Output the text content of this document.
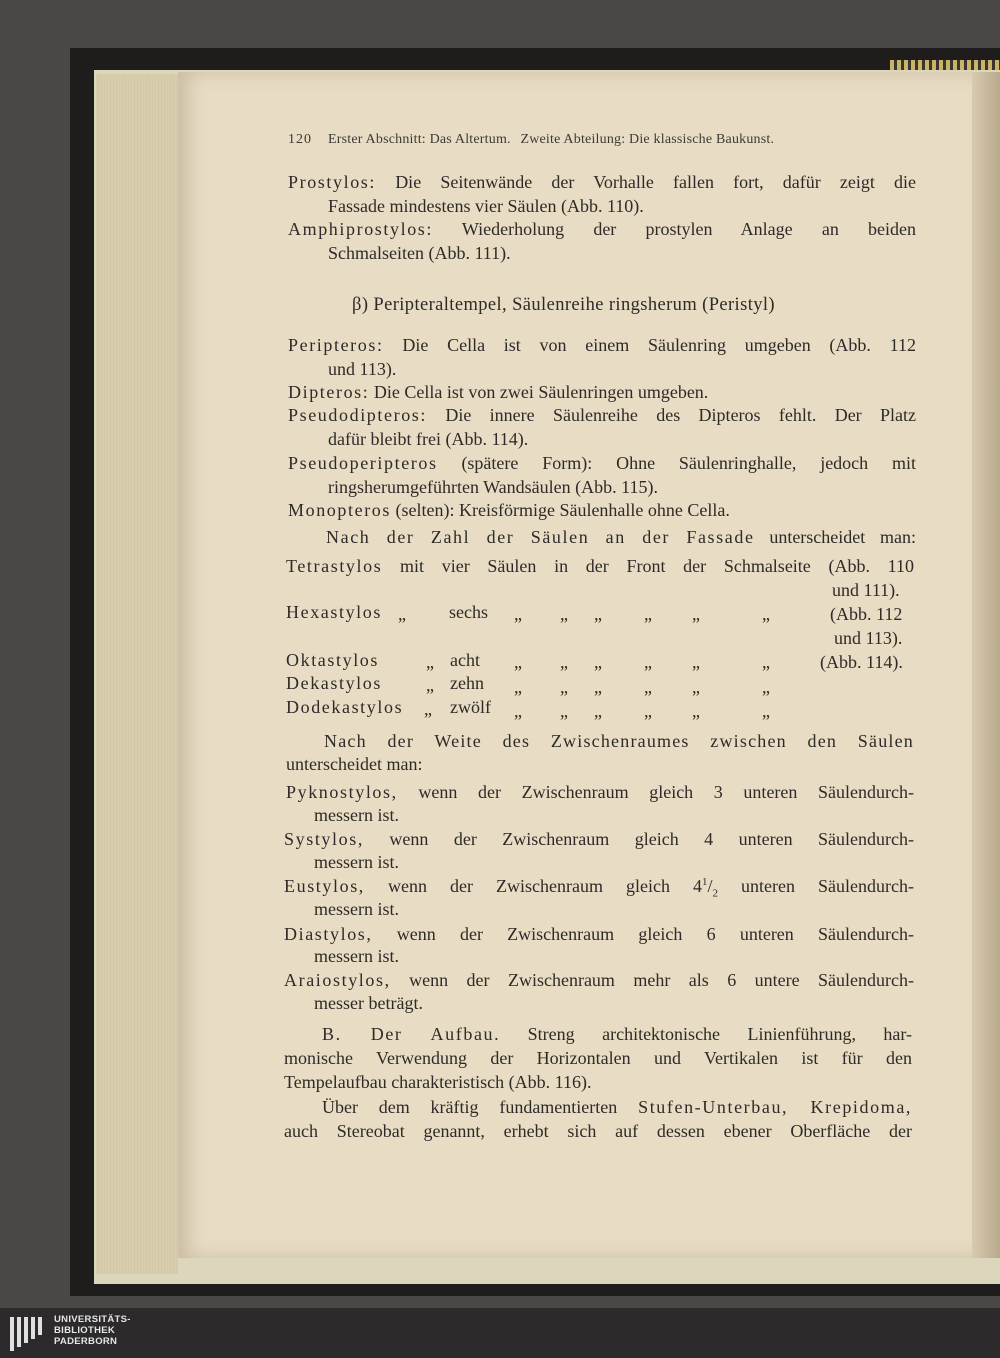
120 Erster Abschnitt: Das Altertum. Zweite Abteilung: Die klassische Baukunst.
Prostylos: Die Seitenwände der Vorhalle fallen fort, dafür zeigt die
Fassade mindestens vier Säulen (Abb. 110).
Amphiprostylos: Wiederholung der prostylen Anlage an beiden
Schmalseiten (Abb. 111).
β) Peripteraltempel, Säulenreihe ringsherum (Peristyl)
Peripteros: Die Cella ist von einem Säulenring umgeben (Abb. 112
und 113).
Dipteros: Die Cella ist von zwei Säulenringen umgeben.
Pseudodipteros: Die innere Säulenreihe des Dipteros fehlt. Der Platz
dafür bleibt frei (Abb. 114).
Pseudoperipteros (spätere Form): Ohne Säulenringhalle, jedoch mit
ringsherumgeführten Wandsäulen (Abb. 115).
Monopteros (selten): Kreisförmige Säulenhalle ohne Cella.
Nach der Zahl der Säulen an der Fassade unterscheidet man:
Tetrastylos mit vier Säulen in der Front der Schmalseite (Abb. 110
und 111).
Hexastylos „ sechs „ „ „ „ „	„	(Abb. 112
und 113).
Oktastylos	„ acht „ „ „ „ „	„	(Abb. 114).
Dekastylos „ zehn „ „ „ „ „	„
Dodekastylos „ zwölf „ „ „ „ „	„
Nach der Weite des Zwischenraumes zwischen den Säulen
unterscheidet man:
Pyknostylos, wenn der Zwischenraum gleich 3 unteren Säulendurch-
messern ist.
Systylos, wenn der Zwischenraum gleich 4 unteren Säulendurch-
messern ist.
Eustylos, wenn der Zwischenraum gleich $4^1/_2$ unteren Säulendurch-
messern ist.
Diastylos, wenn der Zwischenraum gleich 6 unteren Säulendurch-
messern ist.
Araiostylos, wenn der Zwischenraum mehr als 6 untere Säulendurch-
messer beträgt.
B. Der Aufbau. Streng architektonische Linienführung, har-
monische Verwendung der Horizontalen und Vertikalen ist für den
Tempelaufbau charakteristisch (Abb. 116).
Über dem kräftig fundamentierten Stufen-Unterbau, Krepidoma,
auch Stereobat genannt, erhebt sich auf dessen ebener Oberfläche der
UNIVERSITÄTS-
BIBLIOTHEK
PADERBORN
